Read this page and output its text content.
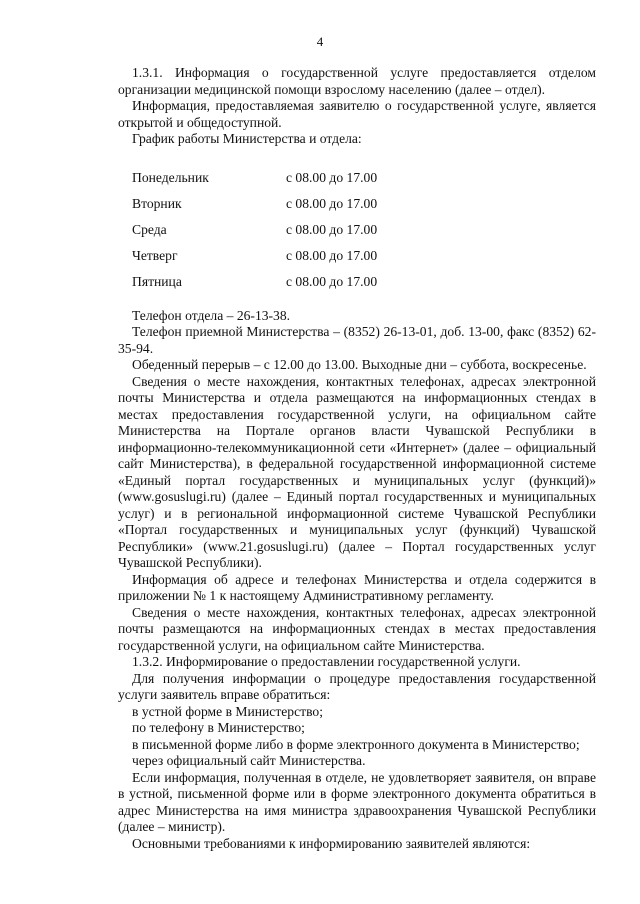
4

1.3.1. Информация о государственной услуге предоставляется отделом организации медицинской помощи взрослому населению (далее – отдел).

Информация, предоставляемая заявителю о государственной услуге, является открытой и общедоступной.

График работы Министерства и отдела:

Понедельник	с 08.00 до 17.00
Вторник	с 08.00 до 17.00
Среда	с 08.00 до 17.00
Четверг	с 08.00 до 17.00
Пятница	с 08.00 до 17.00

Телефон отдела – 26-13-38.

Телефон приемной Министерства – (8352) 26-13-01, доб. 13-00, факс (8352) 62-35-94.

Обеденный перерыв – с 12.00 до 13.00. Выходные дни – суббота, воскресенье.

Сведения о месте нахождения, контактных телефонах, адресах электронной почты Министерства и отдела размещаются на информационных стендах в местах предоставления государственной услуги, на официальном сайте Министерства на Портале органов власти Чувашской Республики в информационно-телекоммуникационной сети «Интернет» (далее – официальный сайт Министерства), в федеральной государственной информационной системе «Единый портал государственных и муниципальных услуг (функций)» (www.gosuslugi.ru) (далее – Единый портал государственных и муниципальных услуг) и в региональной информационной системе Чувашской Республики «Портал государственных и муниципальных услуг (функций) Чувашской Республики» (www.21.gosuslugi.ru) (далее – Портал государственных услуг Чувашской Республики).

Информация об адресе и телефонах Министерства и отдела содержится в приложении № 1 к настоящему Административному регламенту.

Сведения о месте нахождения, контактных телефонах, адресах электронной почты размещаются на информационных стендах в местах предоставления государственной услуги, на официальном сайте Министерства.

1.3.2. Информирование о предоставлении государственной услуги.

Для получения информации о процедуре предоставления государственной услуги заявитель вправе обратиться:

в устной форме в Министерство;

по телефону в Министерство;

в письменной форме либо в форме электронного документа в Министерство;

через официальный сайт Министерства.

Если информация, полученная в отделе, не удовлетворяет заявителя, он вправе в устной, письменной форме или в форме электронного документа обратиться в адрес Министерства на имя министра здравоохранения Чувашской Республики (далее – министр).

Основными требованиями к информированию заявителей являются:
